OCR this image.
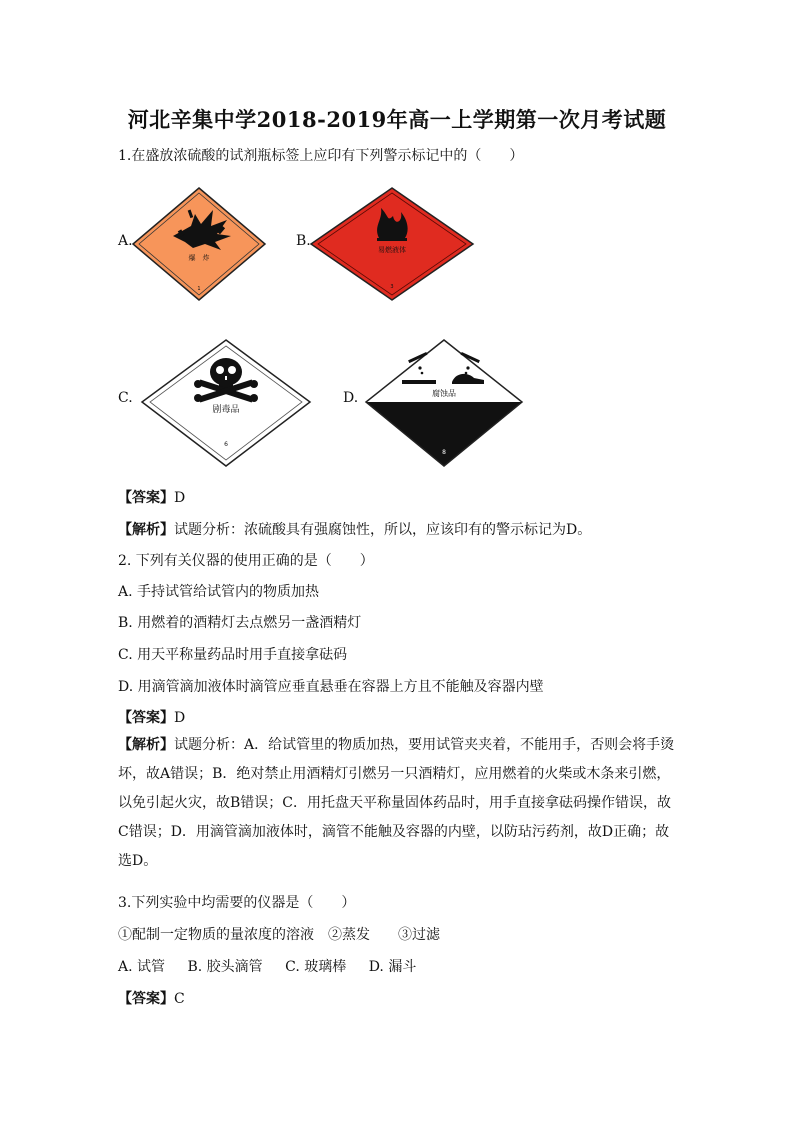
河北辛集中学2018-2019年高一上学期第一次月考试题
1.在盛放浓硫酸的试剂瓶标签上应印有下列警示标记中的（　　）
A.
爆　炸
1
B.
易燃液体
3
C.
剧毒品
6
D.	腐蚀品
8
【答案】D
【解析】试题分析：浓硫酸具有强腐蚀性，所以，应该印有的警示标记为D。
2. 下列有关仪器的使用正确的是（　　）
A. 手持试管给试管内的物质加热
B. 用燃着的酒精灯去点燃另一盏酒精灯
C. 用天平称量药品时用手直接拿砝码
D. 用滴管滴加液体时滴管应垂直悬垂在容器上方且不能触及容器内壁
【答案】D
【解析】试题分析：A．给试管里的物质加热，要用试管夹夹着，不能用手，否则会将手烫坏，故A错误；B．绝对禁止用酒精灯引燃另一只酒精灯，应用燃着的火柴或木条来引燃，以免引起火灾，故B错误；C．用托盘天平称量固体药品时，用手直接拿砝码操作错误，故C错误；D．用滴管滴加液体时，滴管不能触及容器的内壁，以防玷污药剂，故D正确；故选D。
3.下列实验中均需要的仪器是（　　）
①配制一定物质的量浓度的溶液　②蒸发　　③过滤
A. 试管 B. 胶头滴管 C. 玻璃棒 D. 漏斗
【答案】C
